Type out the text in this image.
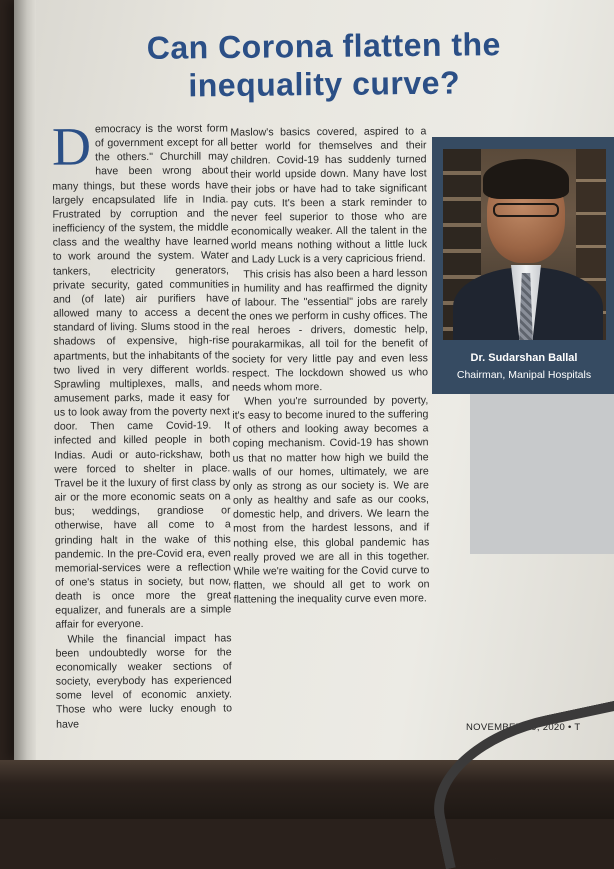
Can Corona flatten the
inequality curve?

Democracy is the worst form of government except for all the others." Churchill may have been wrong about many things, but these words have largely encapsulated life in India. Frustrated by corruption and the inefficiency of the system, the middle class and the wealthy have learned to work around the system. Water tankers, electricity generators, private security, gated communities and (of late) air purifiers have allowed many to access a decent standard of living. Slums stood in the shadows of expensive, high-rise apartments, but the inhabitants of the two lived in very different worlds. Sprawling multiplexes, malls, and amusement parks, made it easy for us to look away from the poverty next door. Then came Covid-19. It infected and killed people in both Indias. Audi or auto-rickshaw, both were forced to shelter in place. Travel be it the luxury of first class by air or the more economic seats on a bus; weddings, grandiose or otherwise, have all come to a grinding halt in the wake of this pandemic. In the pre-Covid era, even memorial-services were a reflection of one's status in society, but now, death is once more the great equalizer, and funerals are a simple affair for everyone.

While the financial impact has been undoubtedly worse for the economically weaker sections of society, everybody has experienced some level of economic anxiety. Those who were lucky enough to have

Maslow's basics covered, aspired to a better world for themselves and their children. Covid-19 has suddenly turned their world upside down. Many have lost their jobs or have had to take significant pay cuts. It's been a stark reminder to never feel superior to those who are economically weaker. All the talent in the world means nothing without a little luck and Lady Luck is a very capricious friend.

This crisis has also been a hard lesson in humility and has reaffirmed the dignity of labour. The "essential" jobs are rarely the ones we perform in cushy offices. The real heroes - drivers, domestic help, pourakarmikas, all toil for the benefit of society for very little pay and even less respect. The lockdown showed us who needs whom more.

When you're surrounded by poverty, it's easy to become inured to the suffering of others and looking away becomes a coping mechanism. Covid-19 has shown us that no matter how high we build the walls of our homes, ultimately, we are only as strong as our society is. We are only as healthy and safe as our cooks, domestic help, and drivers. We learn the most from the hardest lessons, and if nothing else, this global pandemic has really proved we are all in this together. While we're waiting for the Covid curve to flatten, we should all get to work on flattening the inequality curve even more.

Dr. Sudarshan Ballal
Chairman, Manipal Hospitals
NOVEMBER 29, 2020 • T
